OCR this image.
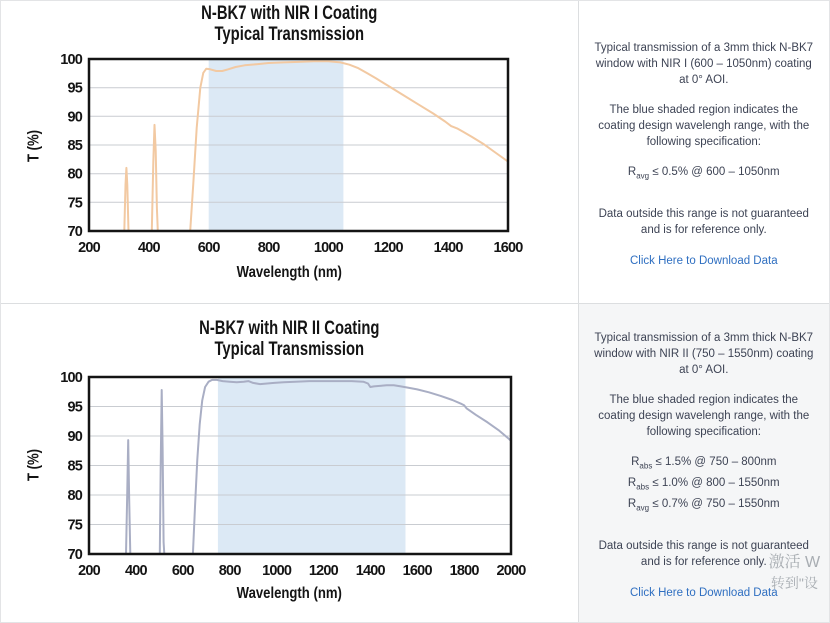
N-BK7 with NIR I Coating
Typical Transmission
T (%)
200	400	600	800 1000 1200 1400 1600
70
75
80
85
90
95
100
Wavelength (nm)

Typical transmission of a 3mm thick N-BK7 window with NIR I (600 – 1050nm) coating at 0° AOI.

The blue shaded region indicates the coating design wavelengh range, with the following specification:

$R_{avg} \le 0.5\%$ @ 600 – 1050nm

Data outside this range is not guaranteed and is for reference only.

Click Here to Download Data
N-BK7 with NIR II Coating
Typical Transmission
T (%)
200 400 600 800 1000 1200 1400 1600 1800 2000
70
75
80
85
90
95
100
Wavelength (nm)

Typical transmission of a 3mm thick N-BK7 window with NIR II (750 – 1550nm) coating at 0° AOI.

The blue shaded region indicates the coating design wavelengh range, with the following specification:

$R_{abs} \le 1.5\%$ @ 750 – 800nm
$R_{abs} \le 1.0\%$ @ 800 – 1550nm
$R_{avg} \le 0.7\%$ @ 750 – 1550nm

Data outside this range is not guaranteed and is for reference only.

Click Here to Download Data
激活 W
转到"设
